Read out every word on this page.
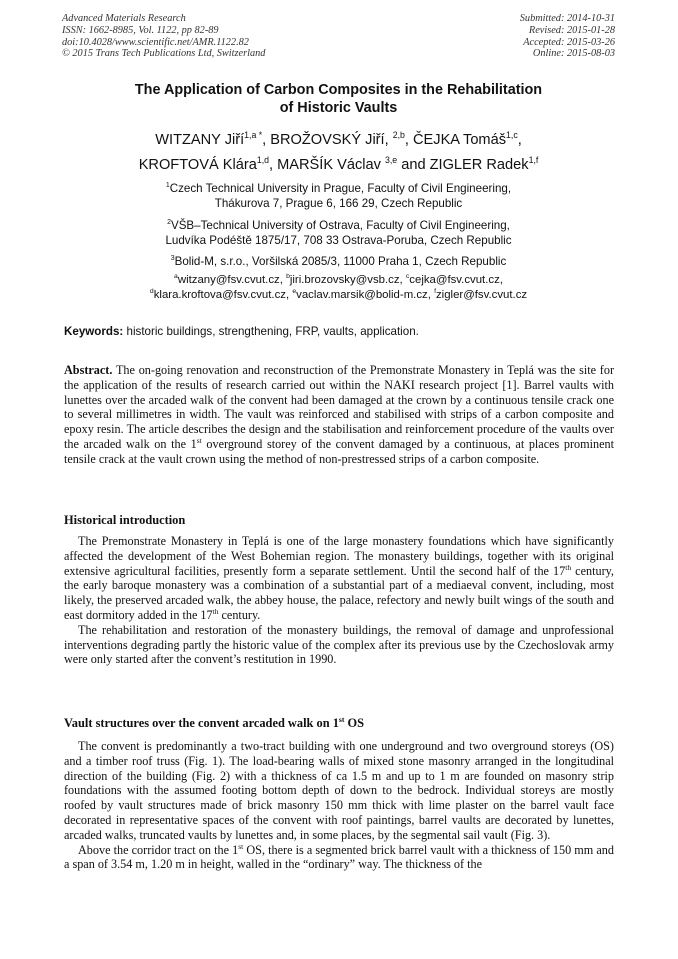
Advanced Materials Research
ISSN: 1662-8985, Vol. 1122, pp 82-89
doi:10.4028/www.scientific.net/AMR.1122.82
© 2015 Trans Tech Publications Ltd, Switzerland
Submitted: 2014-10-31
Revised: 2015-01-28
Accepted: 2015-03-26
Online: 2015-08-03
The Application of Carbon Composites in the Rehabilitation
of Historic Vaults
WITZANY Jiří$^{1,a *}$, BROŽOVSKÝ Jiří, $^{2,b}$, ČEJKA Tomáš$^{1,c}$,
KROFTOVÁ Klára$^{1,d}$, MARŠÍK Václav $^{3,e}$ and ZIGLER Radek$^{1,f}$
$^1$Czech Technical University in Prague, Faculty of Civil Engineering,
Thákurova 7, Prague 6, 166 29, Czech Republic
$^2$VŠB–Technical University of Ostrava, Faculty of Civil Engineering,
Ludvíka Podéště 1875/17, 708 33 Ostrava-Poruba, Czech Republic
$^3$Bolid-M, s.r.o., Voršilská 2085/3, 11000 Praha 1, Czech Republic
$^a$witzany@fsv.cvut.cz, $^b$jiri.brozovsky@vsb.cz, $^c$cejka@fsv.cvut.cz,
$^d$klara.kroftova@fsv.cvut.cz, $^e$vaclav.marsik@bolid-m.cz, $^f$zigler@fsv.cvut.cz
Keywords: historic buildings, strengthening, FRP, vaults, application.

Abstract. The on-going renovation and reconstruction of the Premonstrate Monastery in Teplá was the site for the application of the results of research carried out within the NAKI research project [1]. Barrel vaults with lunettes over the arcaded walk of the convent had been damaged at the crown by a continuous tensile crack one to several millimetres in width. The vault was reinforced and stabilised with strips of a carbon composite and epoxy resin. The article describes the design and the stabilisation and reinforcement procedure of the vaults over the arcaded walk on the 1st overground storey of the convent damaged by a continuous, at places prominent tensile crack at the vault crown using the method of non-prestressed strips of a carbon composite.

Historical introduction

The Premonstrate Monastery in Teplá is one of the large monastery foundations which have significantly affected the development of the West Bohemian region. The monastery buildings, together with its original extensive agricultural facilities, presently form a separate settlement. Until the second half of the 17th century, the early baroque monastery was a combination of a substantial part of a mediaeval convent, including, most likely, the preserved arcaded walk, the abbey house, the palace, refectory and newly built wings of the south and east dormitory added in the 17th century.

The rehabilitation and restoration of the monastery buildings, the removal of damage and unprofessional interventions degrading partly the historic value of the complex after its previous use by the Czechoslovak army were only started after the convent’s restitution in 1990.

Vault structures over the convent arcaded walk on 1st OS

The convent is predominantly a two-tract building with one underground and two overground storeys (OS) and a timber roof truss (Fig. 1). The load-bearing walls of mixed stone masonry arranged in the longitudinal direction of the building (Fig. 2) with a thickness of ca 1.5 m and up to 1 m are founded on masonry strip foundations with the assumed footing bottom depth of down to the bedrock. Individual storeys are mostly roofed by vault structures made of brick masonry 150 mm thick with lime plaster on the barrel vault face decorated in representative spaces of the convent with roof paintings, barrel vaults are decorated by lunettes, arcaded walks, truncated vaults by lunettes and, in some places, by the segmental sail vault (Fig. 3).

Above the corridor tract on the 1st OS, there is a segmented brick barrel vault with a thickness of 150 mm and a span of 3.54 m, 1.20 m in height, walled in the “ordinary” way. The thickness of the
